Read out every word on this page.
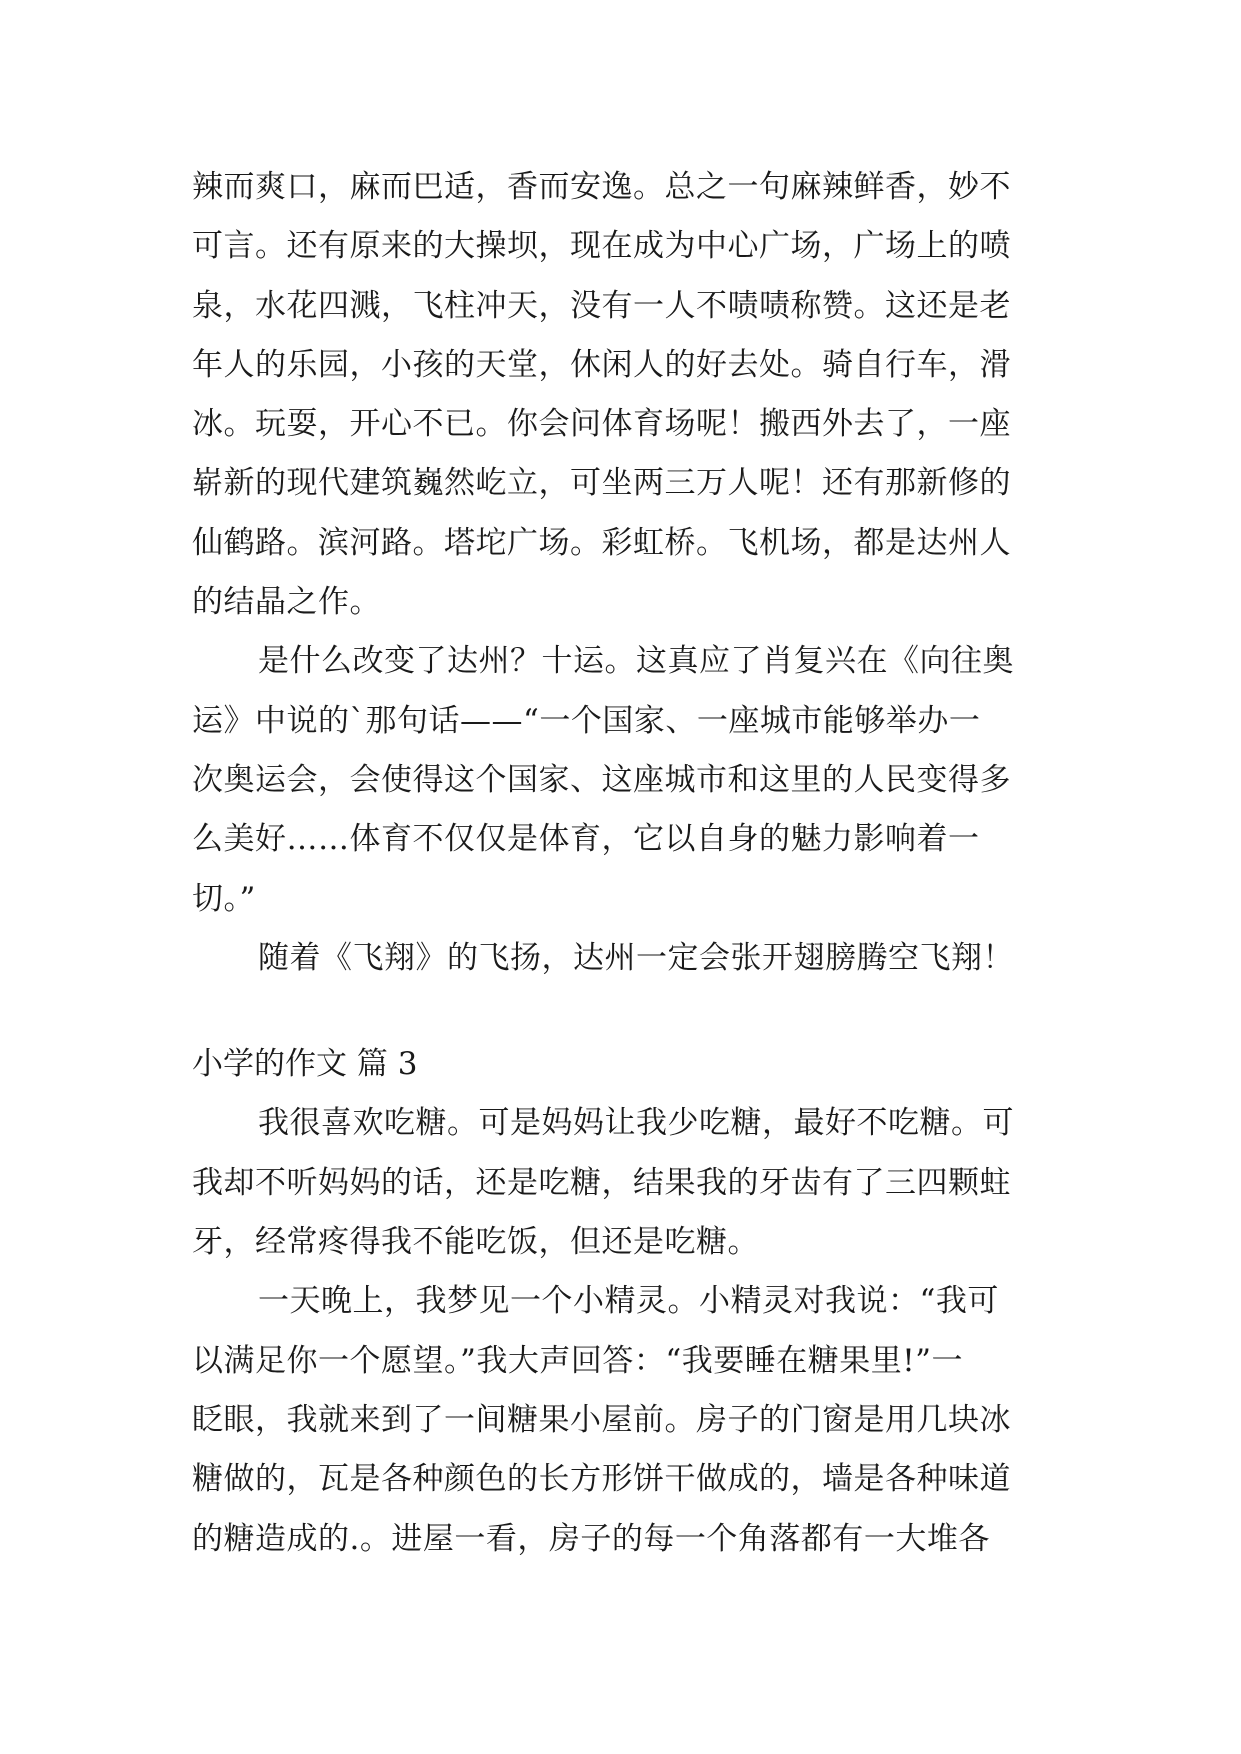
辣而爽口，麻而巴适，香而安逸。总之一句麻辣鲜香，妙不
可言。还有原来的大操坝，现在成为中心广场，广场上的喷
泉，水花四溅，飞柱冲天，没有一人不啧啧称赞。这还是老
年人的乐园，小孩的天堂，休闲人的好去处。骑自行车，滑
冰。玩耍，开心不已。你会问体育场呢！搬西外去了，一座
崭新的现代建筑巍然屹立，可坐两三万人呢！还有那新修的
仙鹤路。滨河路。塔坨广场。彩虹桥。飞机场，都是达州人
的结晶之作。
是什么改变了达州？十运。这真应了肖复兴在《向往奥
运》中说的`那句话——“一个国家、一座城市能够举办一
次奥运会，会使得这个国家、这座城市和这里的人民变得多
么美好……体育不仅仅是体育，它以自身的魅力影响着一
切。”
随着《飞翔》的飞扬，达州一定会张开翅膀腾空飞翔！
小学的作文 篇 3
我很喜欢吃糖。可是妈妈让我少吃糖，最好不吃糖。可
我却不听妈妈的话，还是吃糖，结果我的牙齿有了三四颗蛀
牙，经常疼得我不能吃饭，但还是吃糖。
一天晚上，我梦见一个小精灵。小精灵对我说：“我可
以满足你一个愿望。”我大声回答：“我要睡在糖果里!”一
眨眼，我就来到了一间糖果小屋前。房子的门窗是用几块冰
糖做的，瓦是各种颜色的长方形饼干做成的，墙是各种味道
的糖造成的.。进屋一看，房子的每一个角落都有一大堆各
